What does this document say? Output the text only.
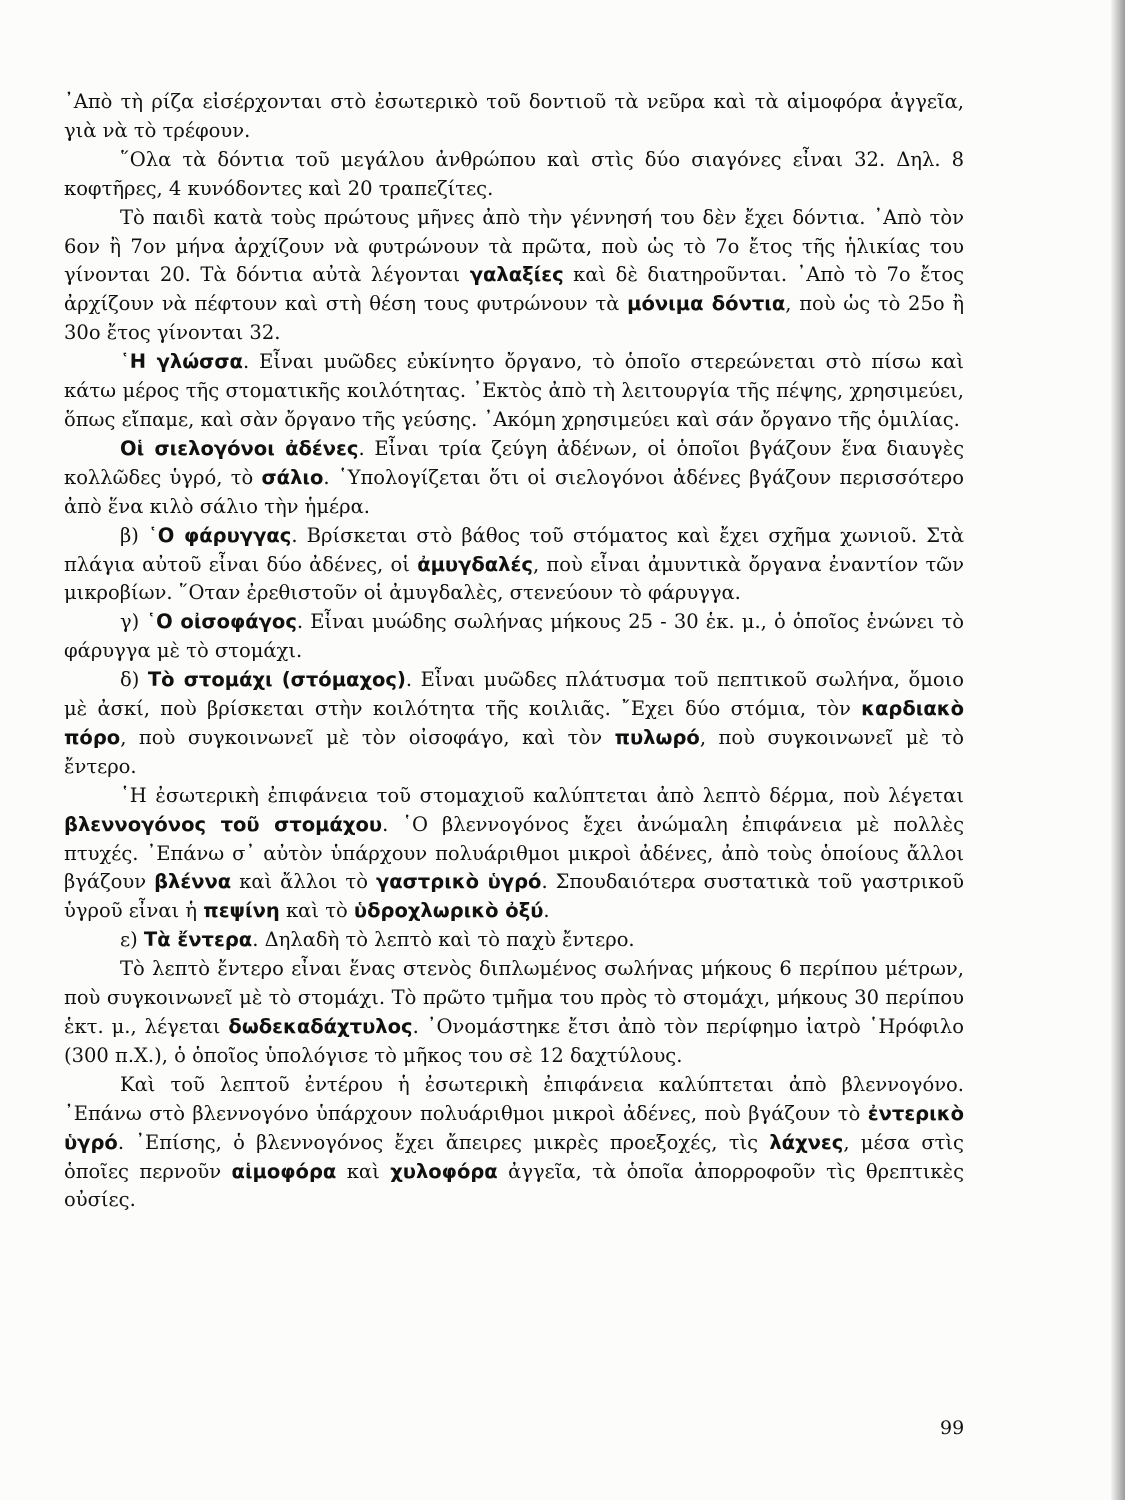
᾿Απὸ τὴ ρίζα εἰσέρχονται στὸ ἐσωτερικὸ τοῦ δοντιοῦ τὰ νεῦρα καὶ τὰ αἱμοφόρα ἀγγεῖα, γιὰ νὰ τὸ τρέφουν.

῞Ολα τὰ δόντια τοῦ μεγάλου ἀνθρώπου καὶ στὶς δύο σιαγόνες εἶναι 32. Δηλ. 8 κοφτῆρες, 4 κυνόδοντες καὶ 20 τραπεζίτες.

Τὸ παιδὶ κατὰ τοὺς πρώτους μῆνες ἀπὸ τὴν γέννησή του δὲν ἔχει δόντια. ᾿Απὸ τὸν 6ον ἢ 7ον μήνα ἀρχίζουν νὰ φυτρώνουν τὰ πρῶτα, ποὺ ὡς τὸ 7ο ἔτος τῆς ἡλικίας του γίνονται 20. Τὰ δόντια αὐτὰ λέγονται γαλαξίες καὶ δὲ διατηροῦνται. ᾿Απὸ τὸ 7ο ἔτος ἀρχίζουν νὰ πέφτουν καὶ στὴ θέση τους φυτρώνουν τὰ μόνιμα δόντια, ποὺ ὡς τὸ 25ο ἢ 30ο ἔτος γίνονται 32.

῾Η γλώσσα. Εἶναι μυῶδες εὐκίνητο ὄργανο, τὸ ὁποῖο στερεώνεται στὸ πίσω καὶ κάτω μέρος τῆς στοματικῆς κοιλότητας. ᾿Εκτὸς ἀπὸ τὴ λειτουργία τῆς πέψης, χρησιμεύει, ὅπως εἴπαμε, καὶ σὰν ὄργανο τῆς γεύσης. ᾿Ακόμη χρησιμεύει καὶ σάν ὄργανο τῆς ὁμιλίας.

Οἱ σιελογόνοι ἀδένες. Εἶναι τρία ζεύγη ἀδένων, οἱ ὁποῖοι βγάζουν ἕνα διαυγὲς κολλῶδες ὑγρό, τὸ σάλιο. ῾Υπολογίζεται ὅτι οἱ σιελογόνοι ἀδένες βγάζουν περισσότερο ἀπὸ ἕνα κιλὸ σάλιο τὴν ἡμέρα.

β) ῾Ο φάρυγγας. Βρίσκεται στὸ βάθος τοῦ στόματος καὶ ἔχει σχῆμα χωνιοῦ. Στὰ πλάγια αὐτοῦ εἶναι δύο ἀδένες, οἱ ἀμυγδαλές, ποὺ εἶναι ἀμυντικὰ ὄργανα ἐναντίον τῶν μικροβίων. ῞Οταν ἐρεθιστοῦν οἱ ἀμυγδαλὲς, στενεύουν τὸ φάρυγγα.

γ) ῾Ο οἰσοφάγος. Εἶναι μυώδης σωλήνας μήκους 25 - 30 ἑκ. μ., ὁ ὁποῖος ἑνώνει τὸ φάρυγγα μὲ τὸ στομάχι.

δ) Τὸ στομάχι (στόμαχος). Εἶναι μυῶδες πλάτυσμα τοῦ πεπτικοῦ σωλήνα, ὅμοιο μὲ ἀσκί, ποὺ βρίσκεται στὴν κοιλότητα τῆς κοιλιᾶς. ῎Εχει δύο στόμια, τὸν καρδιακὸ πόρο, ποὺ συγκοινωνεῖ μὲ τὸν οἰσοφάγο, καὶ τὸν πυλωρό, ποὺ συγκοινωνεῖ μὲ τὸ ἔντερο.

῾Η ἐσωτερικὴ ἐπιφάνεια τοῦ στομαχιοῦ καλύπτεται ἀπὸ λεπτὸ δέρμα, ποὺ λέγεται βλεννογόνος τοῦ στομάχου. ῾Ο βλεννογόνος ἔχει ἀνώμαλη ἐπιφάνεια μὲ πολλὲς πτυχές. ᾿Επάνω σ᾿ αὐτὸν ὑπάρχουν πολυάριθμοι μικροὶ ἀδένες, ἀπὸ τοὺς ὁποίους ἄλλοι βγάζουν βλέννα καὶ ἄλλοι τὸ γαστρικὸ ὑγρό. Σπουδαιότερα συστατικὰ τοῦ γαστρικοῦ ὑγροῦ εἶναι ἡ πεψίνη καὶ τὸ ὑδροχλωρικὸ ὀξύ.

ε) Τὰ ἔντερα. Δηλαδὴ τὸ λεπτὸ καὶ τὸ παχὺ ἔντερο.

Τὸ λεπτὸ ἔντερο εἶναι ἕνας στενὸς διπλωμένος σωλήνας μήκους 6 περίπου μέτρων, ποὺ συγκοινωνεῖ μὲ τὸ στομάχι. Τὸ πρῶτο τμῆμα του πρὸς τὸ στομάχι, μήκους 30 περίπου ἑκτ. μ., λέγεται δωδεκαδάχτυλος. ᾿Ονομάστηκε ἔτσι ἀπὸ τὸν περίφημο ἰατρὸ ῾Ηρόφιλο (300 π.Χ.), ὁ ὁποῖος ὑπολόγισε τὸ μῆκος του σὲ 12 δαχτύλους.

Καὶ τοῦ λεπτοῦ ἐντέρου ἡ ἐσωτερικὴ ἐπιφάνεια καλύπτεται ἀπὸ βλεννογόνο. ᾿Επάνω στὸ βλεννογόνο ὑπάρχουν πολυάριθμοι μικροὶ ἀδένες, ποὺ βγάζουν τὸ ἐντερικὸ ὑγρό. ᾿Επίσης, ὁ βλεννογόνος ἔχει ἄπειρες μικρὲς προεξοχές, τὶς λάχνες, μέσα στὶς ὁποῖες περνοῦν αἱμοφόρα καὶ χυλοφόρα ἀγγεῖα, τὰ ὁποῖα ἀπορροφοῦν τὶς θρεπτικὲς οὐσίες.

99
